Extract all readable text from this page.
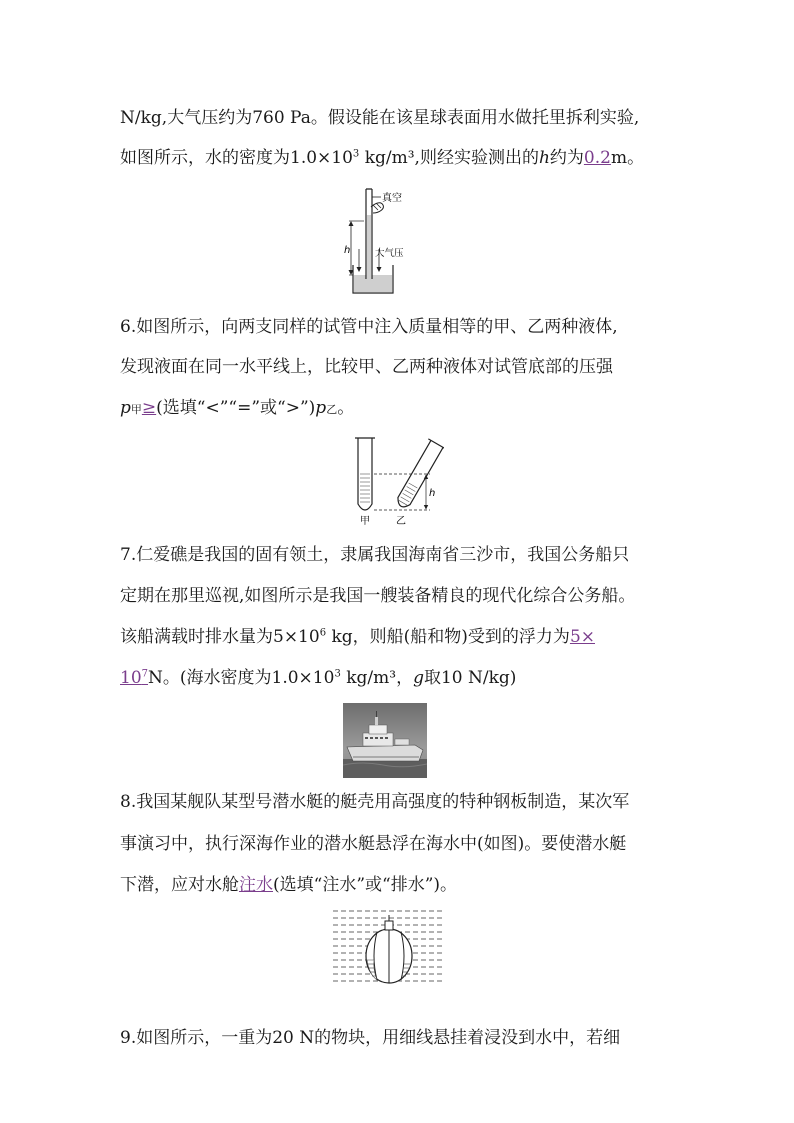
N/kg,大气压约为760 Pa。假设能在该星球表面用水做托里拆利实验,
如图所示，水的密度为$1.0\times 10^3$ kg/m³,则经实验测出的h约为0.2m。
真空
h	大气压
6.如图所示，向两支同样的试管中注入质量相等的甲、乙两种液体,
发现液面在同一水平线上，比较甲、乙两种液体对试管底部的压强
p甲≥(选填“<”“=”或“>”)p乙。
h
甲	乙
7.仁爱礁是我国的固有领土，隶属我国海南省三沙市，我国公务船只
定期在那里巡视,如图所示是我国一艘装备精良的现代化综合公务船。
该船满载时排水量为$5\times 10^6$ kg，则船(船和物)受到的浮力为5×
$10^7N$。(海水密度为$1.0\times 10^3$ kg/m³，g取10 N/kg)
8.我国某舰队某型号潜水艇的艇壳用高强度的特种钢板制造，某次军
事演习中，执行深海作业的潜水艇悬浮在海水中(如图)。要使潜水艇
下潜，应对水舱注水(选填“注水”或“排水”)。
9.如图所示，一重为20 N的物块，用细线悬挂着浸没到水中，若细
